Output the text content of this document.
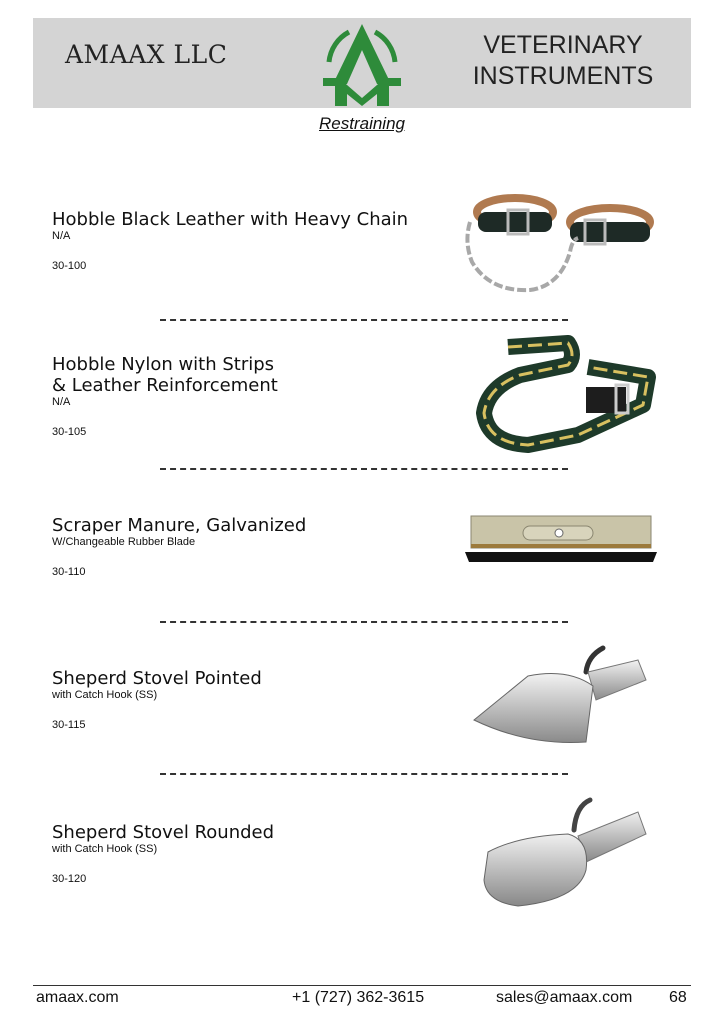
AMAAX LLC	VETERINARY
INSTRUMENTS
Restraining
Hobble Black Leather with Heavy Chain
N/A
30-100
Hobble Nylon with Strips
& Leather Reinforcement
N/A
30-105
Scraper Manure, Galvanized
W/Changeable Rubber Blade
30-110
Sheperd Stovel Pointed
with Catch Hook (SS)
30-115
Sheperd Stovel Rounded
with Catch Hook (SS)
30-120
amaax.com	+1 (727) 362-3615	sales@amaax.com 68
